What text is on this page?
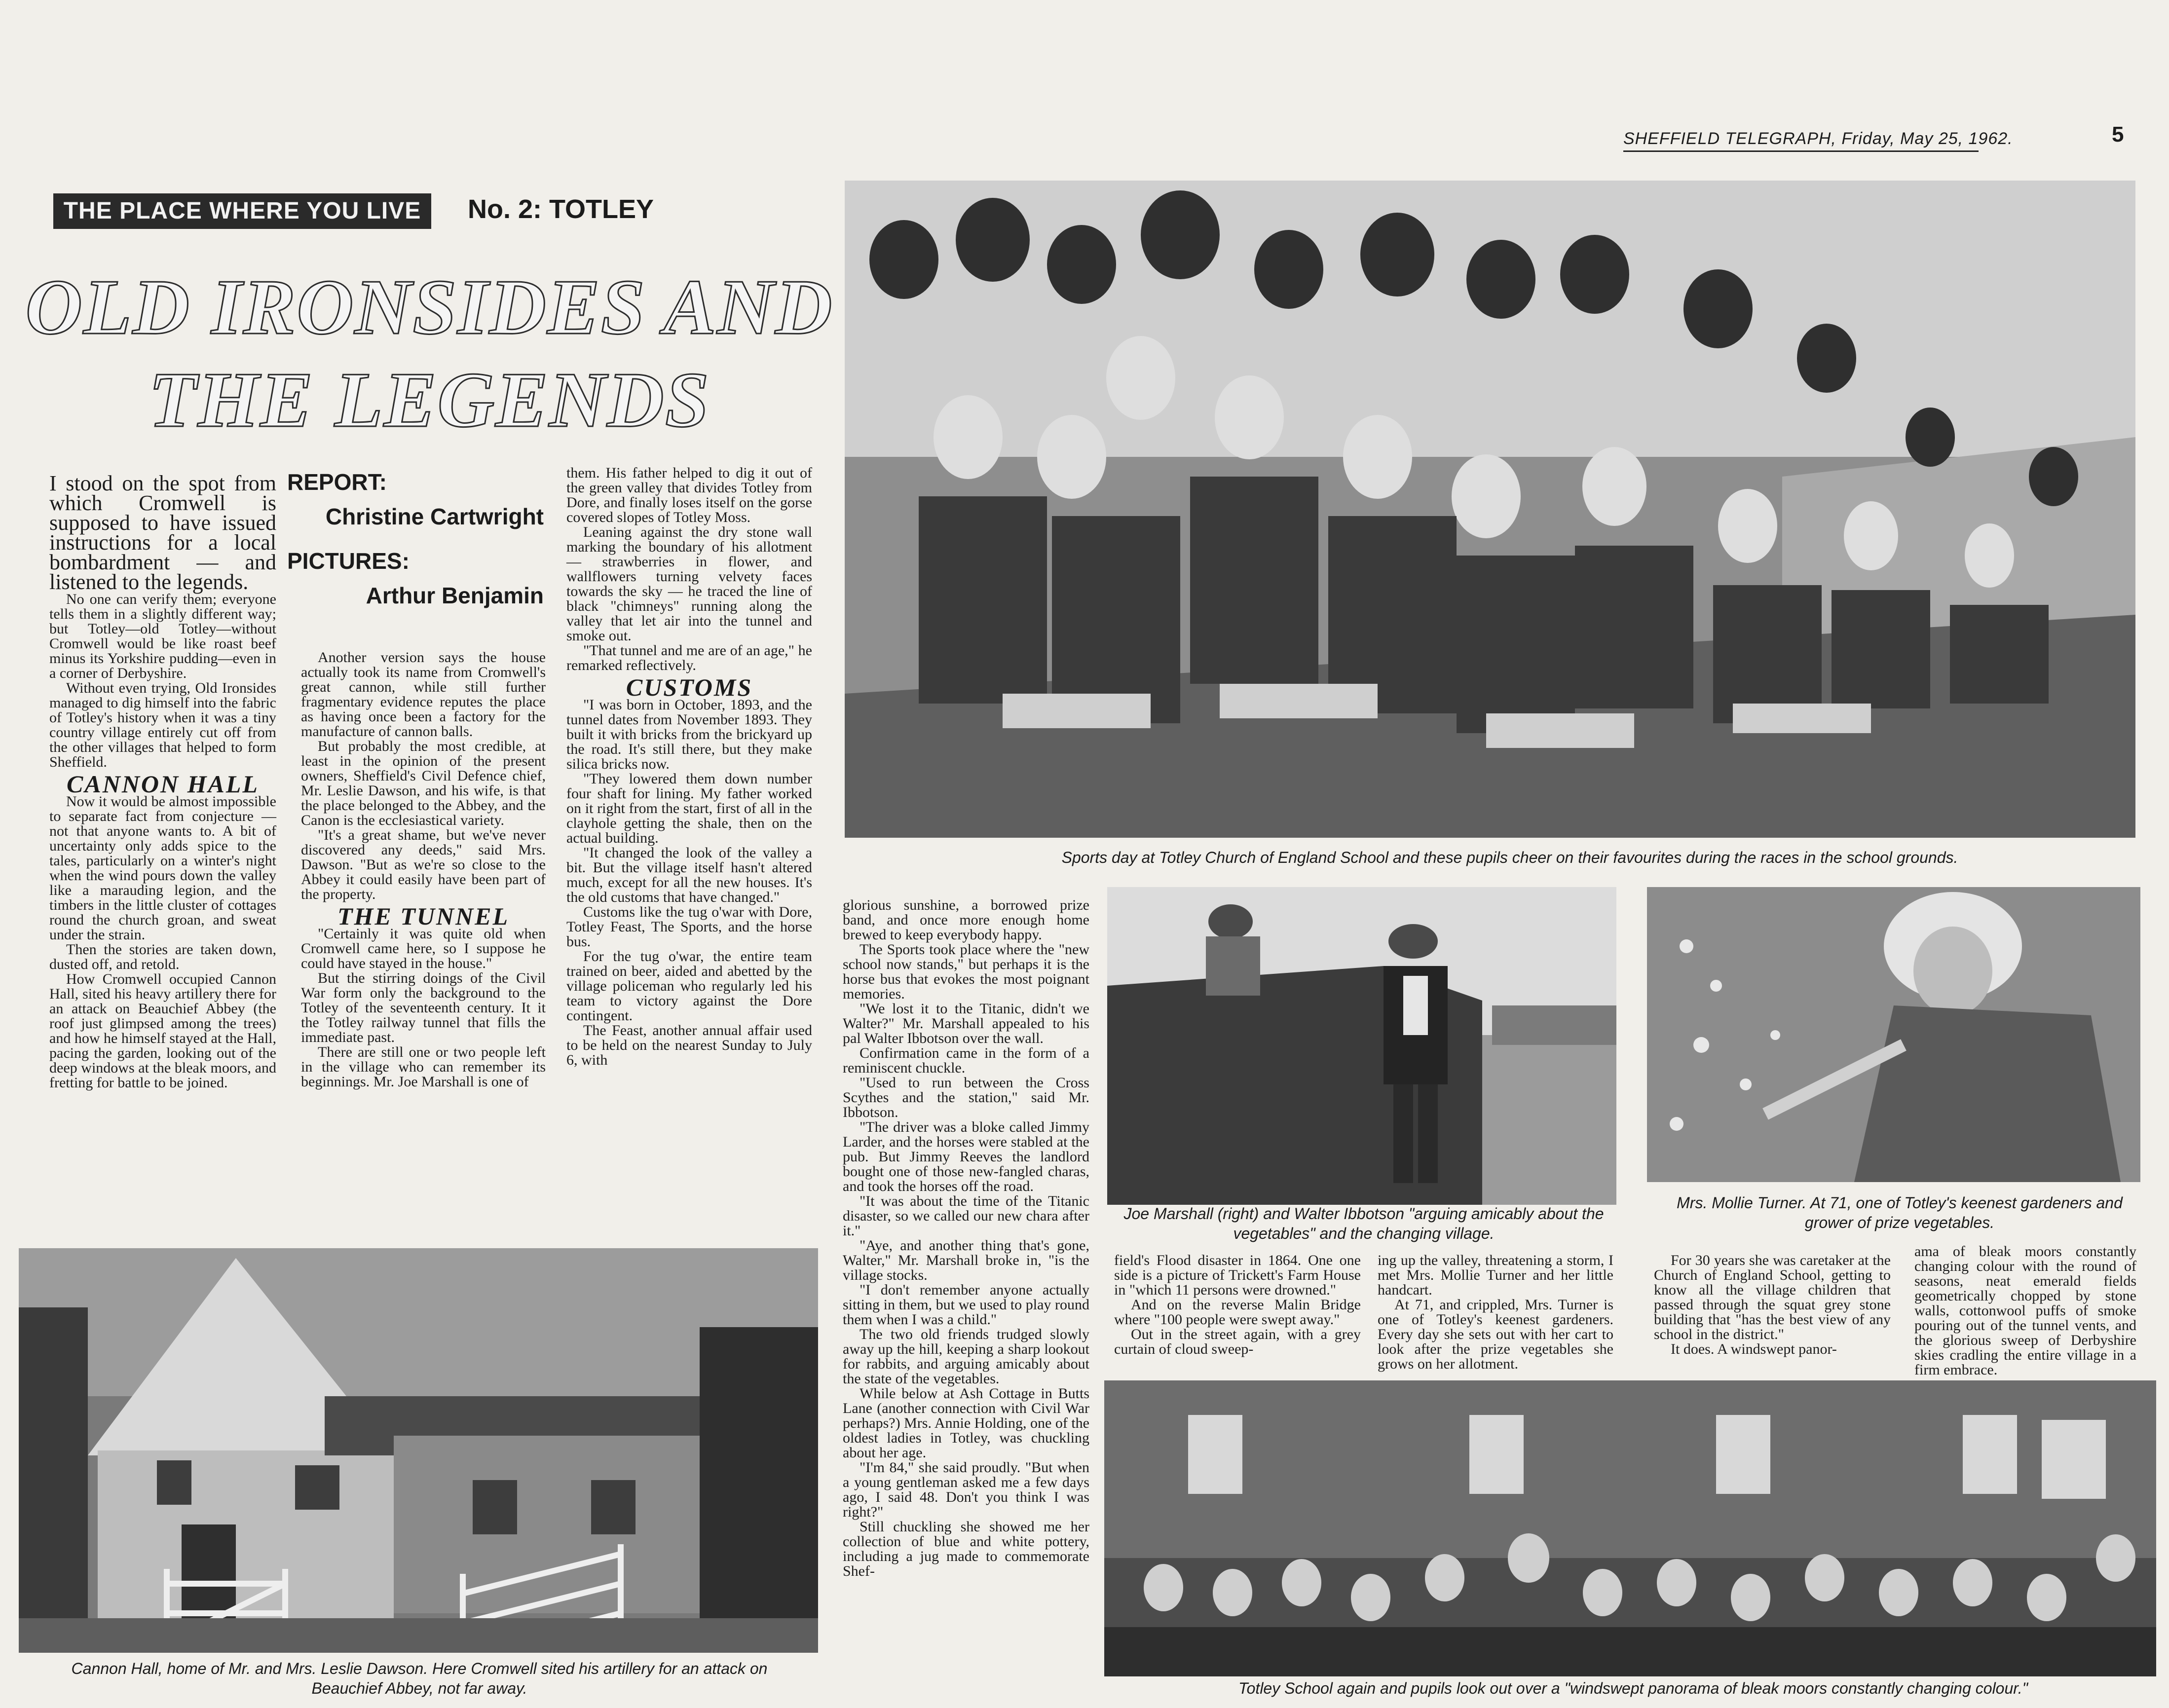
SHEFFIELD TELEGRAPH, Friday, May 25, 1962.	5
THE PLACE WHERE YOU LIVE	No. 2: TOTLEY
OLD IRONSIDES AND
THE LEGENDS

I stood on the spot from which Cromwell is supposed to have issued instructions for a local bombardment — and listened to the legends.

No one can verify them; everyone tells them in a slightly different way; but Totley—old Totley—without Cromwell would be like roast beef minus its Yorkshire pudding—even in a corner of Derbyshire.

Without even trying, Old Ironsides managed to dig himself into the fabric of Totley's history when it was a tiny country village entirely cut off from the other villages that helped to form Sheffield.

CANNON HALL

Now it would be almost impossible to separate fact from conjecture — not that anyone wants to. A bit of uncertainty only adds spice to the tales, particularly on a winter's night when the wind pours down the valley like a marauding legion, and the timbers in the little cluster of cottages round the church groan, and sweat under the strain.

Then the stories are taken down, dusted off, and retold.

How Cromwell occupied Cannon Hall, sited his heavy artillery there for an attack on Beauchief Abbey (the roof just glimpsed among the trees) and how he himself stayed at the Hall, pacing the garden, looking out of the deep windows at the bleak moors, and fretting for battle to be joined.

REPORT:
Christine Cartwright
PICTURES:
Arthur Benjamin

Another version says the house actually took its name from Cromwell's great cannon, while still further fragmentary evidence reputes the place as having once been a factory for the manufacture of cannon balls.

But probably the most credible, at least in the opinion of the present owners, Sheffield's Civil Defence chief, Mr. Leslie Dawson, and his wife, is that the place belonged to the Abbey, and the Canon is the ecclesiastical variety.

"It's a great shame, but we've never discovered any deeds," said Mrs. Dawson. "But as we're so close to the Abbey it could easily have been part of the property.

THE TUNNEL

"Certainly it was quite old when Cromwell came here, so I suppose he could have stayed in the house."

But the stirring doings of the Civil War form only the background to the Totley of the seventeenth century. It it the Totley railway tunnel that fills the immediate past.

There are still one or two people left in the village who can remember its beginnings. Mr. Joe Marshall is one of

them. His father helped to dig it out of the green valley that divides Totley from Dore, and finally loses itself on the gorse covered slopes of Totley Moss.

Leaning against the dry stone wall marking the boundary of his allotment — strawberries in flower, and wallflowers turning velvety faces towards the sky — he traced the line of black "chimneys" running along the valley that let air into the tunnel and smoke out.

"That tunnel and me are of an age," he remarked reflectively.

CUSTOMS

"I was born in October, 1893, and the tunnel dates from November 1893. They built it with bricks from the brickyard up the road. It's still there, but they make silica bricks now.

"They lowered them down number four shaft for lining. My father worked on it right from the start, first of all in the clayhole getting the shale, then on the actual building.

"It changed the look of the valley a bit. But the village itself hasn't altered much, except for all the new houses. It's the old customs that have changed."

Customs like the tug o'war with Dore, Totley Feast, The Sports, and the horse bus.

For the tug o'war, the entire team trained on beer, aided and abetted by the village policeman who regularly led his team to victory against the Dore contingent.

The Feast, another annual affair used to be held on the nearest Sunday to July 6, with

Cannon Hall, home of Mr. and Mrs. Leslie Dawson. Here Cromwell sited his artillery for an attack on Beauchief Abbey, not far away.
Sports day at Totley Church of England School and these pupils cheer on their favourites during the races in the school grounds.

glorious sunshine, a borrowed prize band, and once more enough home brewed to keep everybody happy.

The Sports took place where the "new school now stands," but perhaps it is the horse bus that evokes the most poignant memories.

"We lost it to the Titanic, didn't we Walter?" Mr. Marshall appealed to his pal Walter Ibbotson over the wall.

Confirmation came in the form of a reminiscent chuckle.

"Used to run between the Cross Scythes and the station," said Mr. Ibbotson.

"The driver was a bloke called Jimmy Larder, and the horses were stabled at the pub. But Jimmy Reeves the landlord bought one of those new-fangled charas, and took the horses off the road.

"It was about the time of the Titanic disaster, so we called our new chara after it."

"Aye, and another thing that's gone, Walter," Mr. Marshall broke in, "is the village stocks.

"I don't remember anyone actually sitting in them, but we used to play round them when I was a child."

The two old friends trudged slowly away up the hill, keeping a sharp lookout for rabbits, and arguing amicably about the state of the vegetables.

While below at Ash Cottage in Butts Lane (another connection with Civil War perhaps?) Mrs. Annie Holding, one of the oldest ladies in Totley, was chuckling about her age.

"I'm 84," she said proudly. "But when a young gentleman asked me a few days ago, I said 48. Don't you think I was right?"

Still chuckling she showed me her collection of blue and white pottery, including a jug made to commemorate Shef-

Joe Marshall (right) and Walter Ibbotson "arguing amicably about the vegetables" and the changing village.
Mrs. Mollie Turner. At 71, one of Totley's keenest gardeners and grower of prize vegetables.

field's Flood disaster in 1864. One one side is a picture of Trickett's Farm House in "which 11 persons were drowned."

And on the reverse Malin Bridge where "100 people were swept away."

Out in the street again, with a grey curtain of cloud sweep-

ing up the valley, threatening a storm, I met Mrs. Mollie Turner and her little handcart.

At 71, and crippled, Mrs. Turner is one of Totley's keenest gardeners. Every day she sets out with her cart to look after the prize vegetables she grows on her allotment.

For 30 years she was caretaker at the Church of England School, getting to know all the village children that passed through the squat grey stone building that "has the best view of any school in the district."

It does. A windswept panor-

ama of bleak moors constantly changing colour with the round of seasons, neat emerald fields geometrically chopped by stone walls, cottonwool puffs of smoke pouring out of the tunnel vents, and the glorious sweep of Derbyshire skies cradling the entire village in a firm embrace.

Totley School again and pupils look out over a "windswept panorama of bleak moors constantly changing colour."
